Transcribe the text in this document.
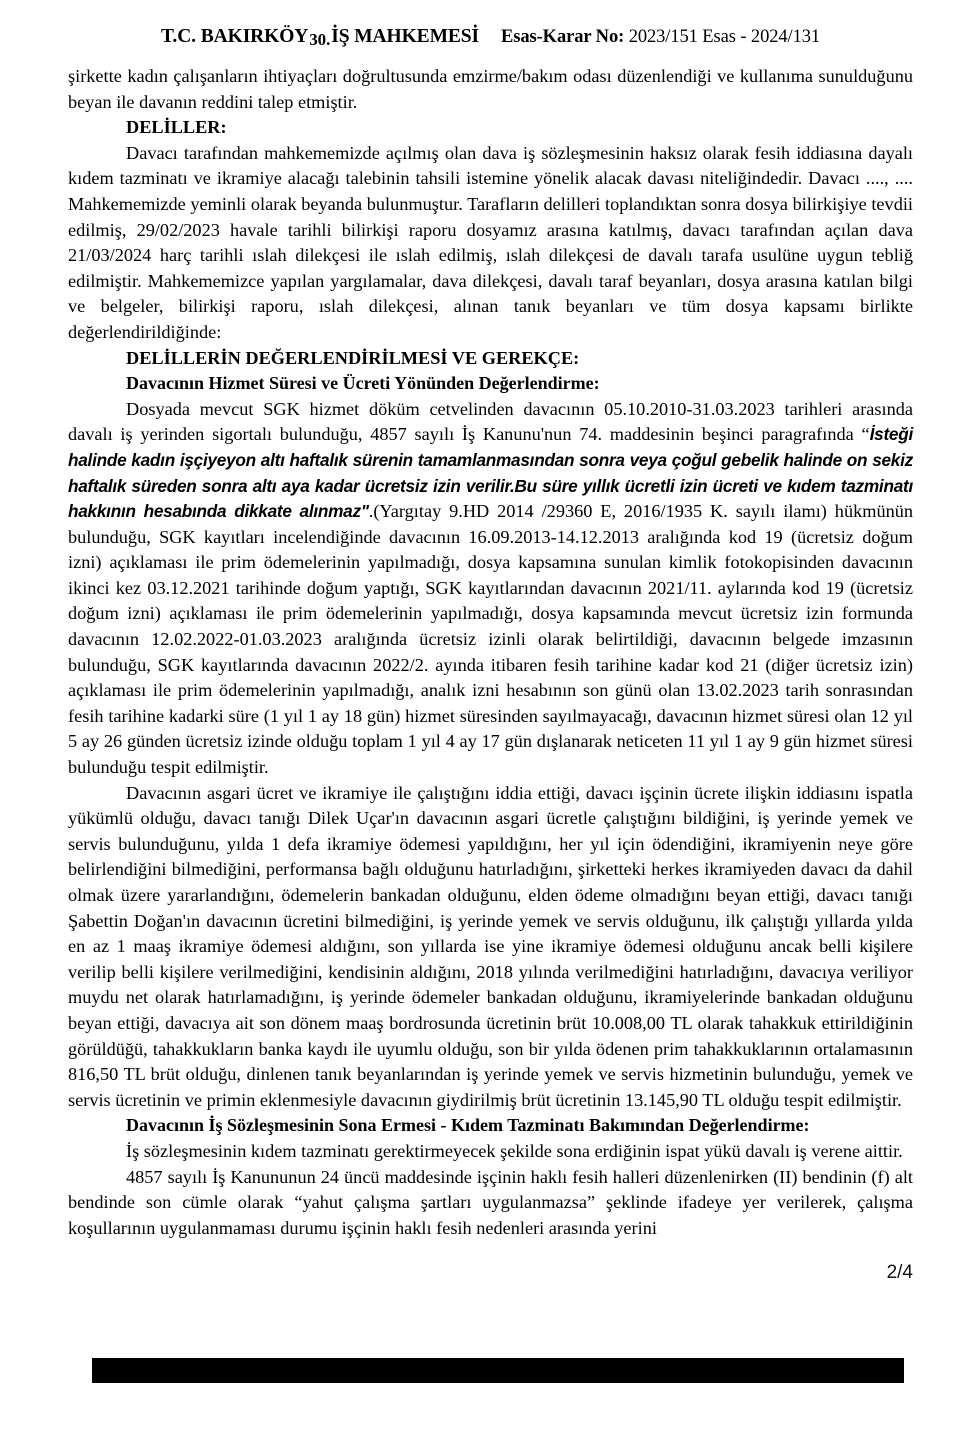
T.C. BAKIRKÖY30.İŞ MAHKEMESİ Esas-Karar No: 2023/151 Esas - 2024/131

şirkette kadın çalışanların ihtiyaçları doğrultusunda emzirme/bakım odası düzenlendiği ve kullanıma sunulduğunu beyan ile davanın reddini talep etmiştir.

DELİLLER:

Davacı tarafından mahkememizde açılmış olan dava iş sözleşmesinin haksız olarak fesih iddiasına dayalı kıdem tazminatı ve ikramiye alacağı talebinin tahsili istemine yönelik alacak davası niteliğindedir. Davacı ...., .... Mahkememizde yeminli olarak beyanda bulunmuştur. Tarafların delilleri toplandıktan sonra dosya bilirkişiye tevdii edilmiş, 29/02/2023 havale tarihli bilirkişi raporu dosyamız arasına katılmış, davacı tarafından açılan dava 21/03/2024 harç tarihli ıslah dilekçesi ile ıslah edilmiş, ıslah dilekçesi de davalı tarafa usulüne uygun tebliğ edilmiştir. Mahkememizce yapılan yargılamalar, dava dilekçesi, davalı taraf beyanları, dosya arasına katılan bilgi ve belgeler, bilirkişi raporu, ıslah dilekçesi, alınan tanık beyanları ve tüm dosya kapsamı birlikte değerlendirildiğinde:

DELİLLERİN DEĞERLENDİRİLMESİ VE GEREKÇE:

Davacının Hizmet Süresi ve Ücreti Yönünden Değerlendirme:

Dosyada mevcut SGK hizmet döküm cetvelinden davacının 05.10.2010-31.03.2023 tarihleri arasında davalı iş yerinden sigortalı bulunduğu, 4857 sayılı İş Kanunu'nun 74. maddesinin beşinci paragrafında “İsteği halinde kadın işçiyeyon altı haftalık sürenin tamamlanmasından sonra veya çoğul gebelik halinde on sekiz haftalık süreden sonra altı aya kadar ücretsiz izin verilir.Bu süre yıllık ücretli izin ücreti ve kıdem tazminatı hakkının hesabında dikkate alınmaz".(Yargıtay 9.HD 2014 /29360 E, 2016/1935 K. sayılı ilamı) hükmünün bulunduğu, SGK kayıtları incelendiğinde davacının 16.09.2013-14.12.2013 aralığında kod 19 (ücretsiz doğum izni) açıklaması ile prim ödemelerinin yapılmadığı, dosya kapsamına sunulan kimlik fotokopisinden davacının ikinci kez 03.12.2021 tarihinde doğum yaptığı, SGK kayıtlarından davacının 2021/11. aylarında kod 19 (ücretsiz doğum izni) açıklaması ile prim ödemelerinin yapılmadığı, dosya kapsamında mevcut ücretsiz izin formunda davacının 12.02.2022-01.03.2023 aralığında ücretsiz izinli olarak belirtildiği, davacının belgede imzasının bulunduğu, SGK kayıtlarında davacının 2022/2. ayında itibaren fesih tarihine kadar kod 21 (diğer ücretsiz izin) açıklaması ile prim ödemelerinin yapılmadığı, analık izni hesabının son günü olan 13.02.2023 tarih sonrasından fesih tarihine kadarki süre (1 yıl 1 ay 18 gün) hizmet süresinden sayılmayacağı, davacının hizmet süresi olan 12 yıl 5 ay 26 günden ücretsiz izinde olduğu toplam 1 yıl 4 ay 17 gün dışlanarak neticeten 11 yıl 1 ay 9 gün hizmet süresi bulunduğu tespit edilmiştir.

Davacının asgari ücret ve ikramiye ile çalıştığını iddia ettiği, davacı işçinin ücrete ilişkin iddiasını ispatla yükümlü olduğu, davacı tanığı Dilek Uçar'ın davacının asgari ücretle çalıştığını bildiğini, iş yerinde yemek ve servis bulunduğunu, yılda 1 defa ikramiye ödemesi yapıldığını, her yıl için ödendiğini, ikramiyenin neye göre belirlendiğini bilmediğini, performansa bağlı olduğunu hatırladığını, şirketteki herkes ikramiyeden davacı da dahil olmak üzere yararlandığını, ödemelerin bankadan olduğunu, elden ödeme olmadığını beyan ettiği, davacı tanığı Şabettin Doğan'ın davacının ücretini bilmediğini, iş yerinde yemek ve servis olduğunu, ilk çalıştığı yıllarda yılda en az 1 maaş ikramiye ödemesi aldığını, son yıllarda ise yine ikramiye ödemesi olduğunu ancak belli kişilere verilip belli kişilere verilmediğini, kendisinin aldığını, 2018 yılında verilmediğini hatırladığını, davacıya veriliyor muydu net olarak hatırlamadığını, iş yerinde ödemeler bankadan olduğunu, ikramiyelerinde bankadan olduğunu beyan ettiği, davacıya ait son dönem maaş bordrosunda ücretinin brüt 10.008,00 TL olarak tahakkuk ettirildiğinin görüldüğü, tahakkukların banka kaydı ile uyumlu olduğu, son bir yılda ödenen prim tahakkuklarının ortalamasının 816,50 TL brüt olduğu, dinlenen tanık beyanlarından iş yerinde yemek ve servis hizmetinin bulunduğu, yemek ve servis ücretinin ve primin eklenmesiyle davacının giydirilmiş brüt ücretinin 13.145,90 TL olduğu tespit edilmiştir.

Davacının İş Sözleşmesinin Sona Ermesi - Kıdem Tazminatı Bakımından Değerlendirme:

İş sözleşmesinin kıdem tazminatı gerektirmeyecek şekilde sona erdiğinin ispat yükü davalı iş verene aittir.

4857 sayılı İş Kanununun 24 üncü maddesinde işçinin haklı fesih halleri düzenlenirken (II) bendinin (f) alt bendinde son cümle olarak “yahut çalışma şartları uygulanmazsa” şeklinde ifadeye yer verilerek, çalışma koşullarının uygulanmaması durumu işçinin haklı fesih nedenleri arasında yerini

2/4
